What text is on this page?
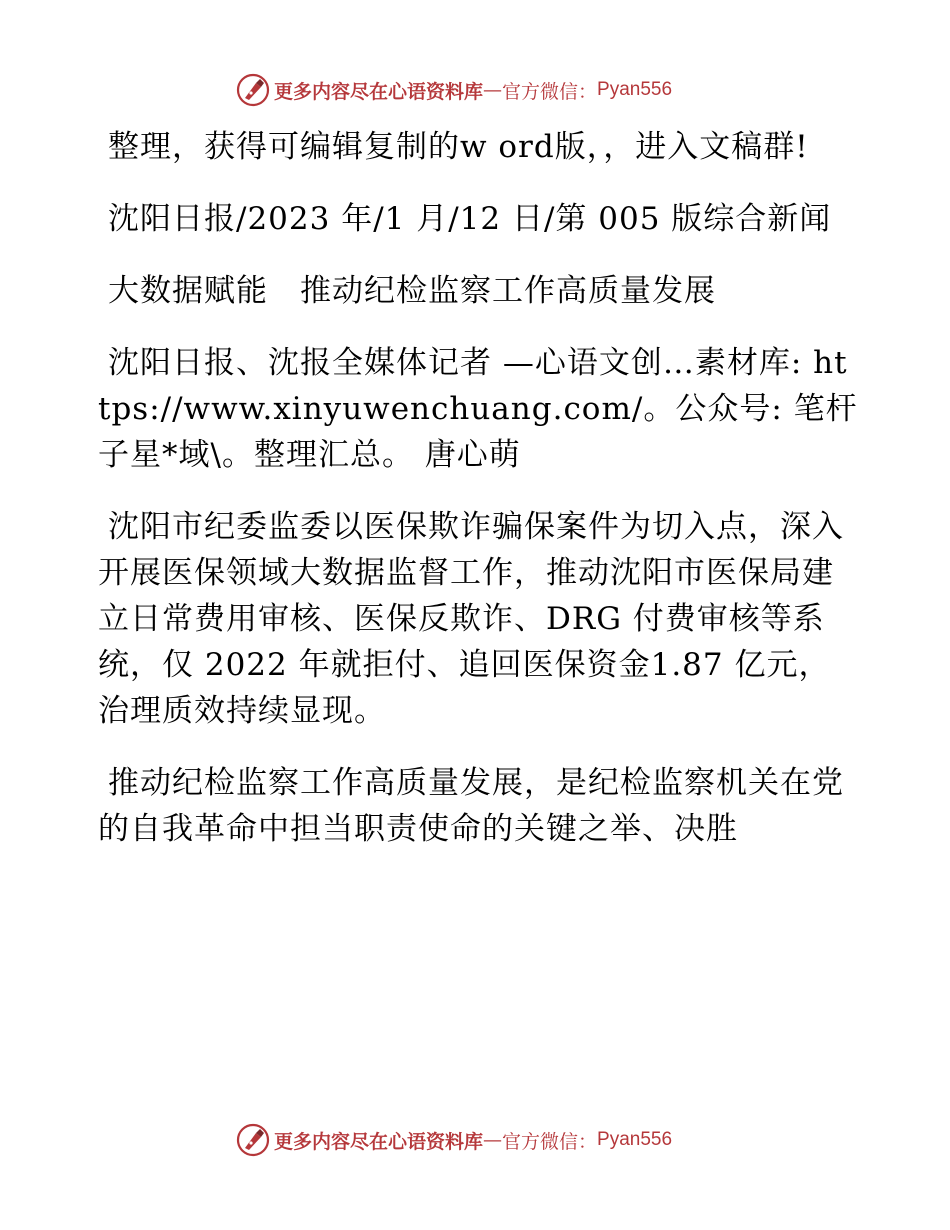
更多内容尽在心语资料库 — 官方微信： Pyan556

整理，获得可编辑复制的w ord版，，进入文稿群!

沈阳日报/2023 年/1 月/12 日/第 005 版综合新闻

大数据赋能　推动纪检监察工作高质量发展

沈阳日报、沈报全媒体记者 —心语文创…素材库: https://www.xinyuwenchuang.com/。公众号: 笔杆子星*域\。整理汇总。 唐心萌

沈阳市纪委监委以医保欺诈骗保案件为切入点，深入开展医保领域大数据监督工作，推动沈阳市医保局建立日常费用审核、医保反欺诈、DRG 付费审核等系统，仅 2022 年就拒付、追回医保资金1.87 亿元，治理质效持续显现。

推动纪检监察工作高质量发展，是纪检监察机关在党的自我革命中担当职责使命的关键之举、决胜

更多内容尽在心语资料库 — 官方微信： Pyan556
